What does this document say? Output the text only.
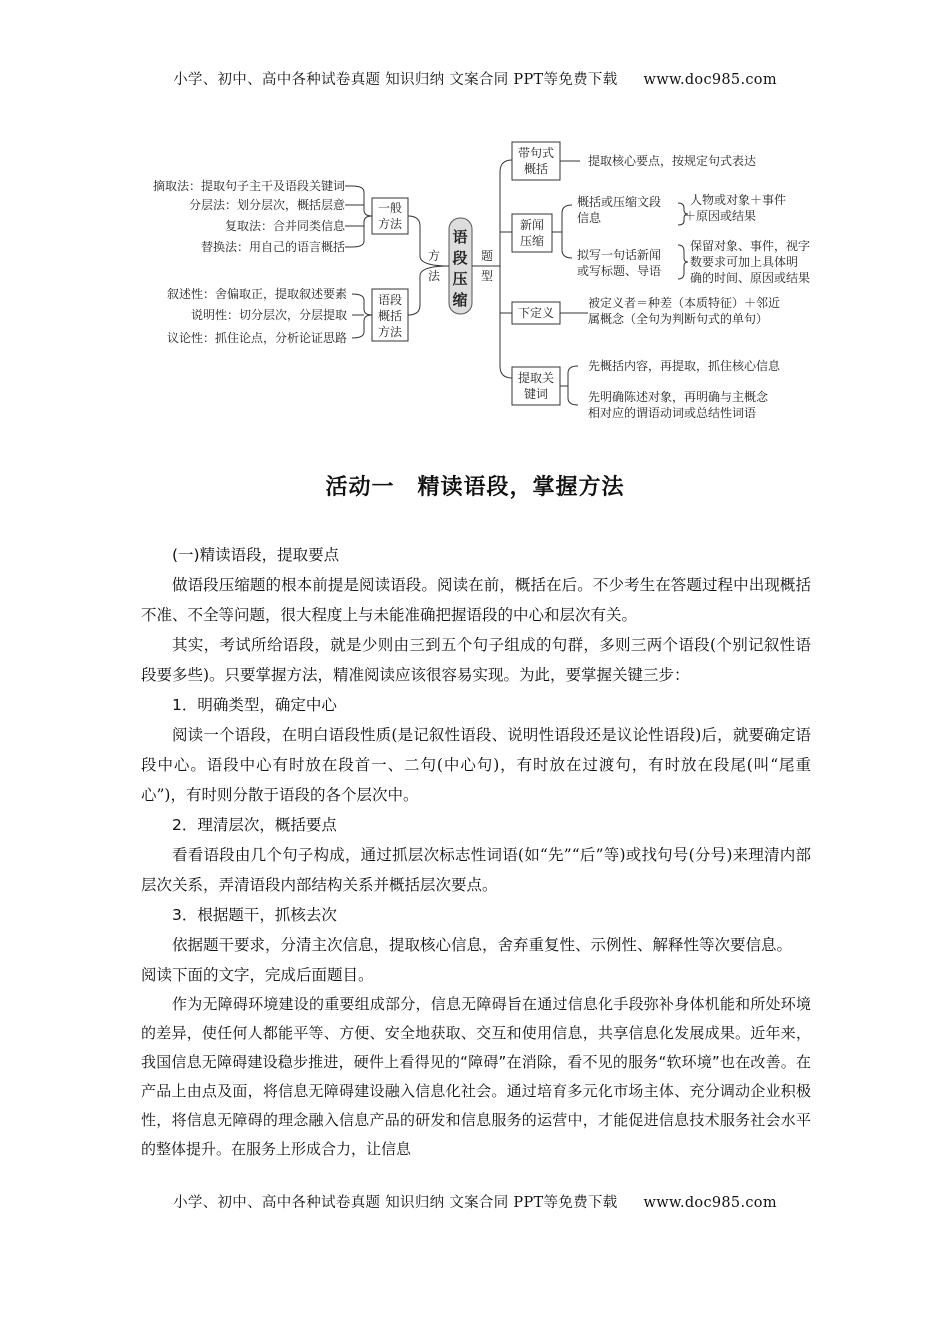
小学、初中、高中各种试卷真题 知识归纳 文案合同 PPT等免费下载 www.doc985.com
语
段
压
缩
方
法
题
型
一般
方法
摘取法：提取句子主干及语段关键词
分层法：划分层次，概括层意
复取法：合并同类信息
替换法：用自己的语言概括
语段
概括
方法
叙述性：舍偏取正，提取叙述要素
说明性：切分层次，分层提取
议论性：抓住论点，分析论证思路
带句式
概括
提取核心要点，按规定句式表达
新闻
压缩
概括或压缩文段
信息
人物或对象＋事件
＋原因或结果
拟写一句话新闻
或写标题、导语
保留对象、事件，视字
数要求可加上具体明
确的时间、原因或结果
下定义
被定义者＝种差（本质特征）＋邻近
属概念（全句为判断句式的单句）
提取关
键词
先概括内容，再提取，抓住核心信息
先明确陈述对象，再明确与主概念
相对应的谓语动词或总结性词语
活动一　精读语段，掌握方法

(一)精读语段，提取要点

做语段压缩题的根本前提是阅读语段。阅读在前，概括在后。不少考生在答题过程中出现概括不准、不全等问题，很大程度上与未能准确把握语段的中心和层次有关。

其实，考试所给语段，就是少则由三到五个句子组成的句群，多则三两个语段(个别记叙性语段要多些)。只要掌握方法，精准阅读应该很容易实现。为此，要掌握关键三步：

1．明确类型，确定中心

阅读一个语段，在明白语段性质(是记叙性语段、说明性语段还是议论性语段)后，就要确定语段中心。语段中心有时放在段首一、二句(中心句)，有时放在过渡句，有时放在段尾(叫“尾重心”)，有时则分散于语段的各个层次中。

2．理清层次，概括要点

看看语段由几个句子构成，通过抓层次标志性词语(如“先”“后”等)或找句号(分号)来理清内部层次关系，弄清语段内部结构关系并概括层次要点。

3．根据题干，抓核去次

依据题干要求，分清主次信息，提取核心信息，舍弃重复性、示例性、解释性等次要信息。

阅读下面的文字，完成后面题目。

作为无障碍环境建设的重要组成部分，信息无障碍旨在通过信息化手段弥补身体机能和所处环境的差异，使任何人都能平等、方便、安全地获取、交互和使用信息，共享信息化发展成果。近年来，我国信息无障碍建设稳步推进，硬件上看得见的“障碍”在消除，看不见的服务“软环境”也在改善。在产品上由点及面，将信息无障碍建设融入信息化社会。通过培育多元化市场主体、充分调动企业积极性，将信息无障碍的理念融入信息产品的研发和信息服务的运营中，才能促进信息技术服务社会水平的整体提升。在服务上形成合力，让信息

小学、初中、高中各种试卷真题 知识归纳 文案合同 PPT等免费下载 www.doc985.com
